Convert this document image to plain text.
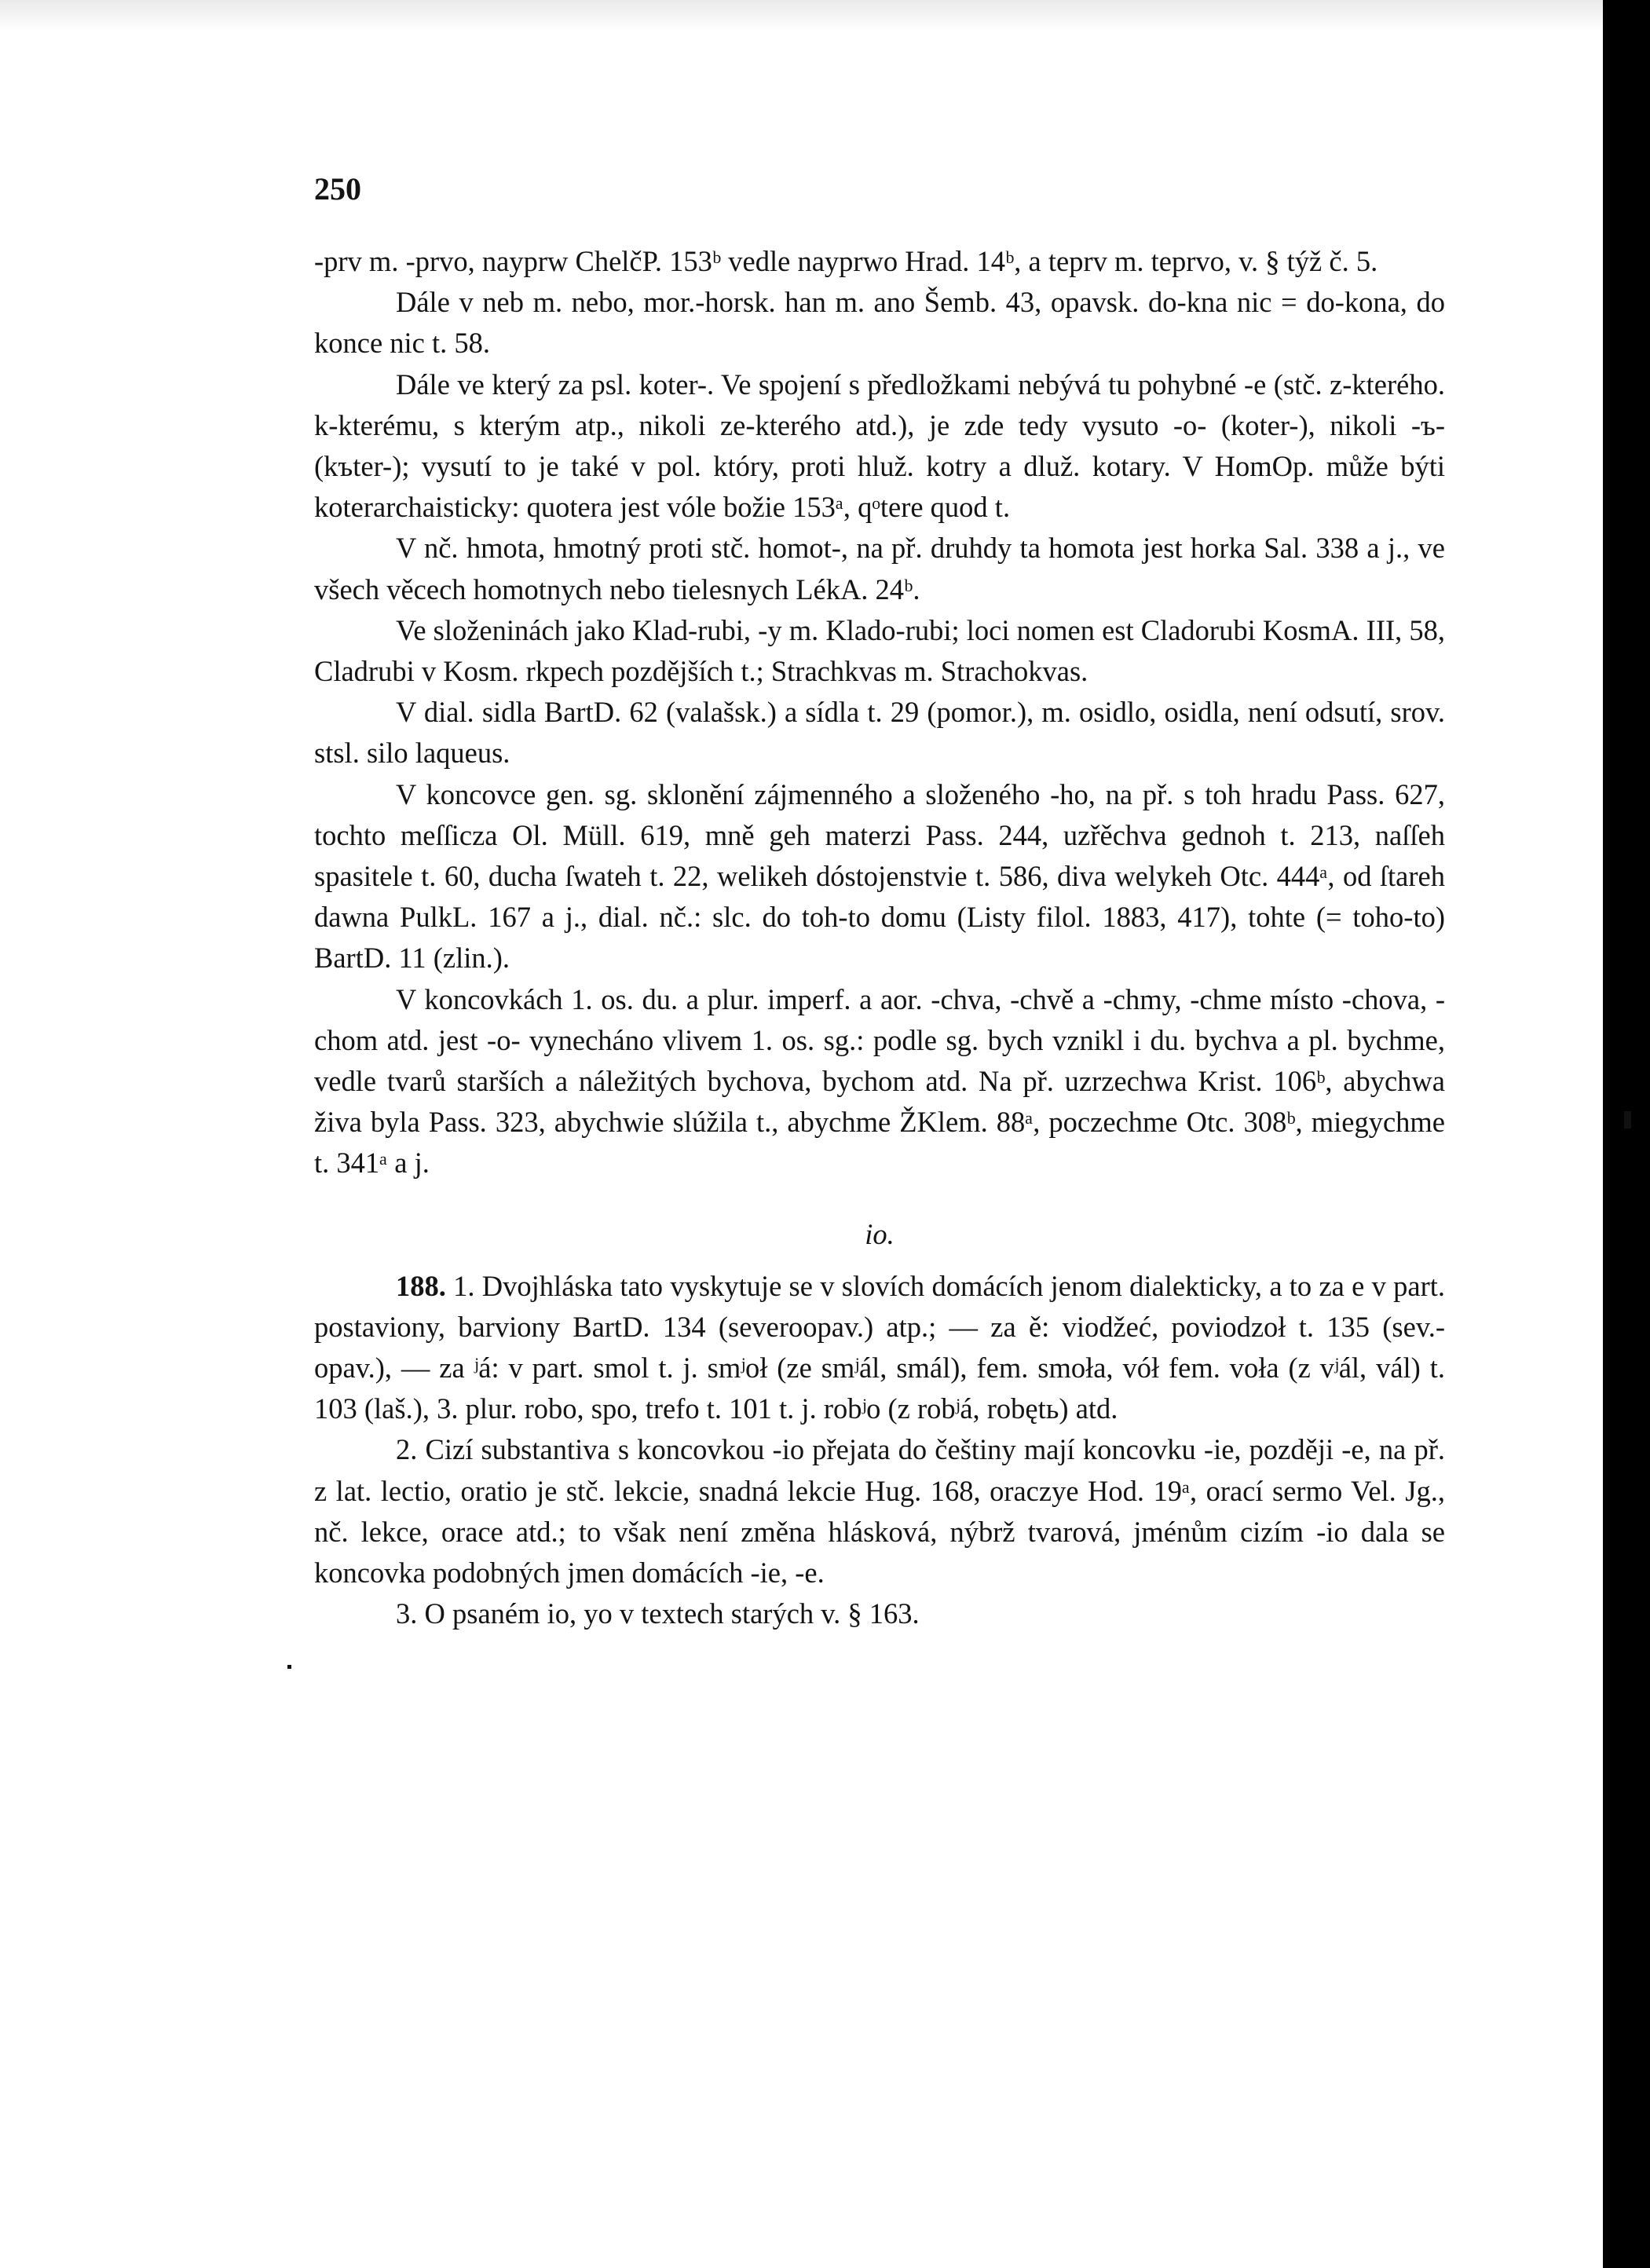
250

-prv m. -prvo, nayprw ChelčP. 153ᵇ vedle nayprwo Hrad. 14ᵇ, a teprv m. teprvo, v. § týž č. 5.

Dále v neb m. nebo, mor.-horsk. han m. ano Šemb. 43, opavsk. do-kna nic = do-kona, do konce nic t. 58.

Dále ve který za psl. koter-. Ve spojení s předložkami nebývá tu pohybné -e (stč. z-kterého. k-kterému, s kterým atp., nikoli ze-kterého atd.), je zde tedy vysuto -o- (koter-), nikoli -ъ- (kъter-); vysutí to je také v pol. który, proti hluž. kotry a dluž. kotary. V HomOp. může býti koterarchaisticky: quotera jest vóle božie 153ᵃ, qᵒtere quod t.

V nč. hmota, hmotný proti stč. homot-, na př. druhdy ta homota jest horka Sal. 338 a j., ve všech věcech homotnych nebo tielesnych LékA. 24ᵇ.

Ve složeninách jako Klad-rubi, -y m. Klado-rubi; loci nomen est Cladorubi KosmA. III, 58, Cladrubi v Kosm. rkpech pozdějších t.; Strachkvas m. Strachokvas.

V dial. sidla BartD. 62 (valašsk.) a sídla t. 29 (pomor.), m. osidlo, osidla, není odsutí, srov. stsl. silo laqueus.

V koncovce gen. sg. sklonění zájmenného a složeného -ho, na př. s toh hradu Pass. 627, tochto meſſicza Ol. Müll. 619, mně geh materzi Pass. 244, uzřěchva gednoh t. 213, naſſeh spasitele t. 60, ducha ſwateh t. 22, welikeh dóstojenstvie t. 586, diva welykeh Otc. 444ᵃ, od ſtareh dawna PulkL. 167 a j., dial. nč.: slc. do toh-to domu (Listy filol. 1883, 417), tohte (= toho-to) BartD. 11 (zlin.).

V koncovkách 1. os. du. a plur. imperf. a aor. -chva, -chvě a -chmy, -chme místo -chova, -chom atd. jest -o- vynecháno vlivem 1. os. sg.: podle sg. bych vznikl i du. bychva a pl. bychme, vedle tvarů starších a náležitých bychova, bychom atd. Na př. uzrzechwa Krist. 106ᵇ, abychwa živa byla Pass. 323, abychwie slúžila t., abychme ŽKlem. 88ᵃ, poczechme Otc. 308ᵇ, miegychme t. 341ᵃ a j.

io.

188. 1. Dvojhláska tato vyskytuje se v slovích domácích jenom dialekticky, a to za e v part. postaviony, barviony BartD. 134 (severoopav.) atp.; — za ě: viodžeć, poviodzoł t. 135 (sev.-opav.), — za ʲá: v part. smol t. j. smʲoł (ze smʲál, smál), fem. smoła, vół fem. voła (z vʲál, vál) t. 103 (laš.), 3. plur. robo, spo, trefo t. 101 t. j. robʲo (z robʲá, robętь) atd.

2. Cizí substantiva s koncovkou -io přejata do češtiny mají koncovku -ie, později -e, na př. z lat. lectio, oratio je stč. lekcie, snadná lekcie Hug. 168, oraczye Hod. 19ᵃ, orací sermo Vel. Jg., nč. lekce, orace atd.; to však není změna hlásková, nýbrž tvarová, jménům cizím -io dala se koncovka podobných jmen domácích -ie, -e.

3. O psaném io, yo v textech starých v. § 163.
